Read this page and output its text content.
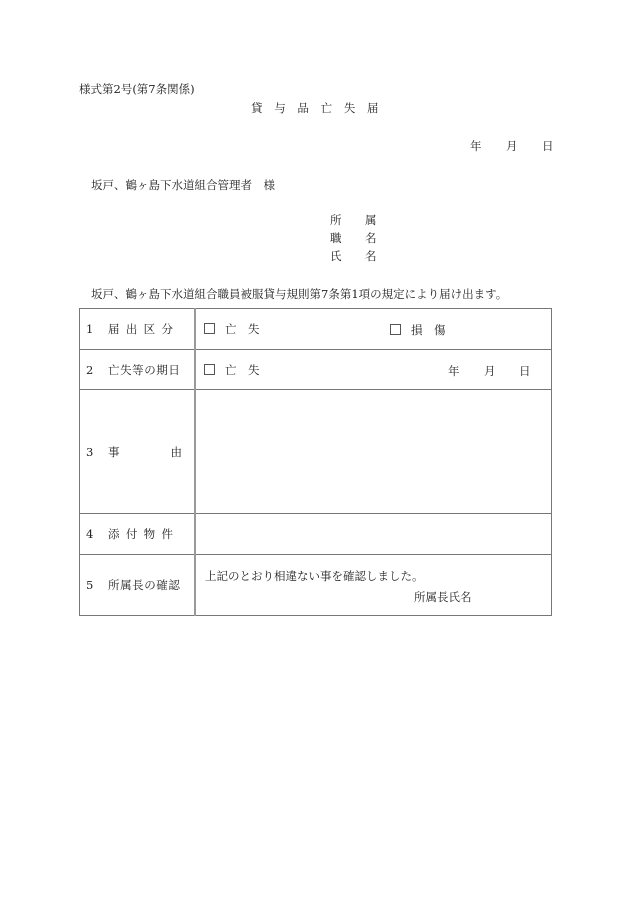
様式第2号(第7条関係)
貸 与 品 亡 失 届
年 月 日
坂戸、鶴ヶ島下水道組合管理者　様
所 属
職 名
氏 名
坂戸、鶴ヶ島下水道組合職員被服貸与規則第7条第1項の規定により届け出ます。
1 届出区分	亡　失 損　傷

2 亡失等の期日	亡　失 年 月 日

3 事 由	

4 添付物件	

5 所属長の確認	上記のとおり相違ない事を確認しました。
所属長氏名
